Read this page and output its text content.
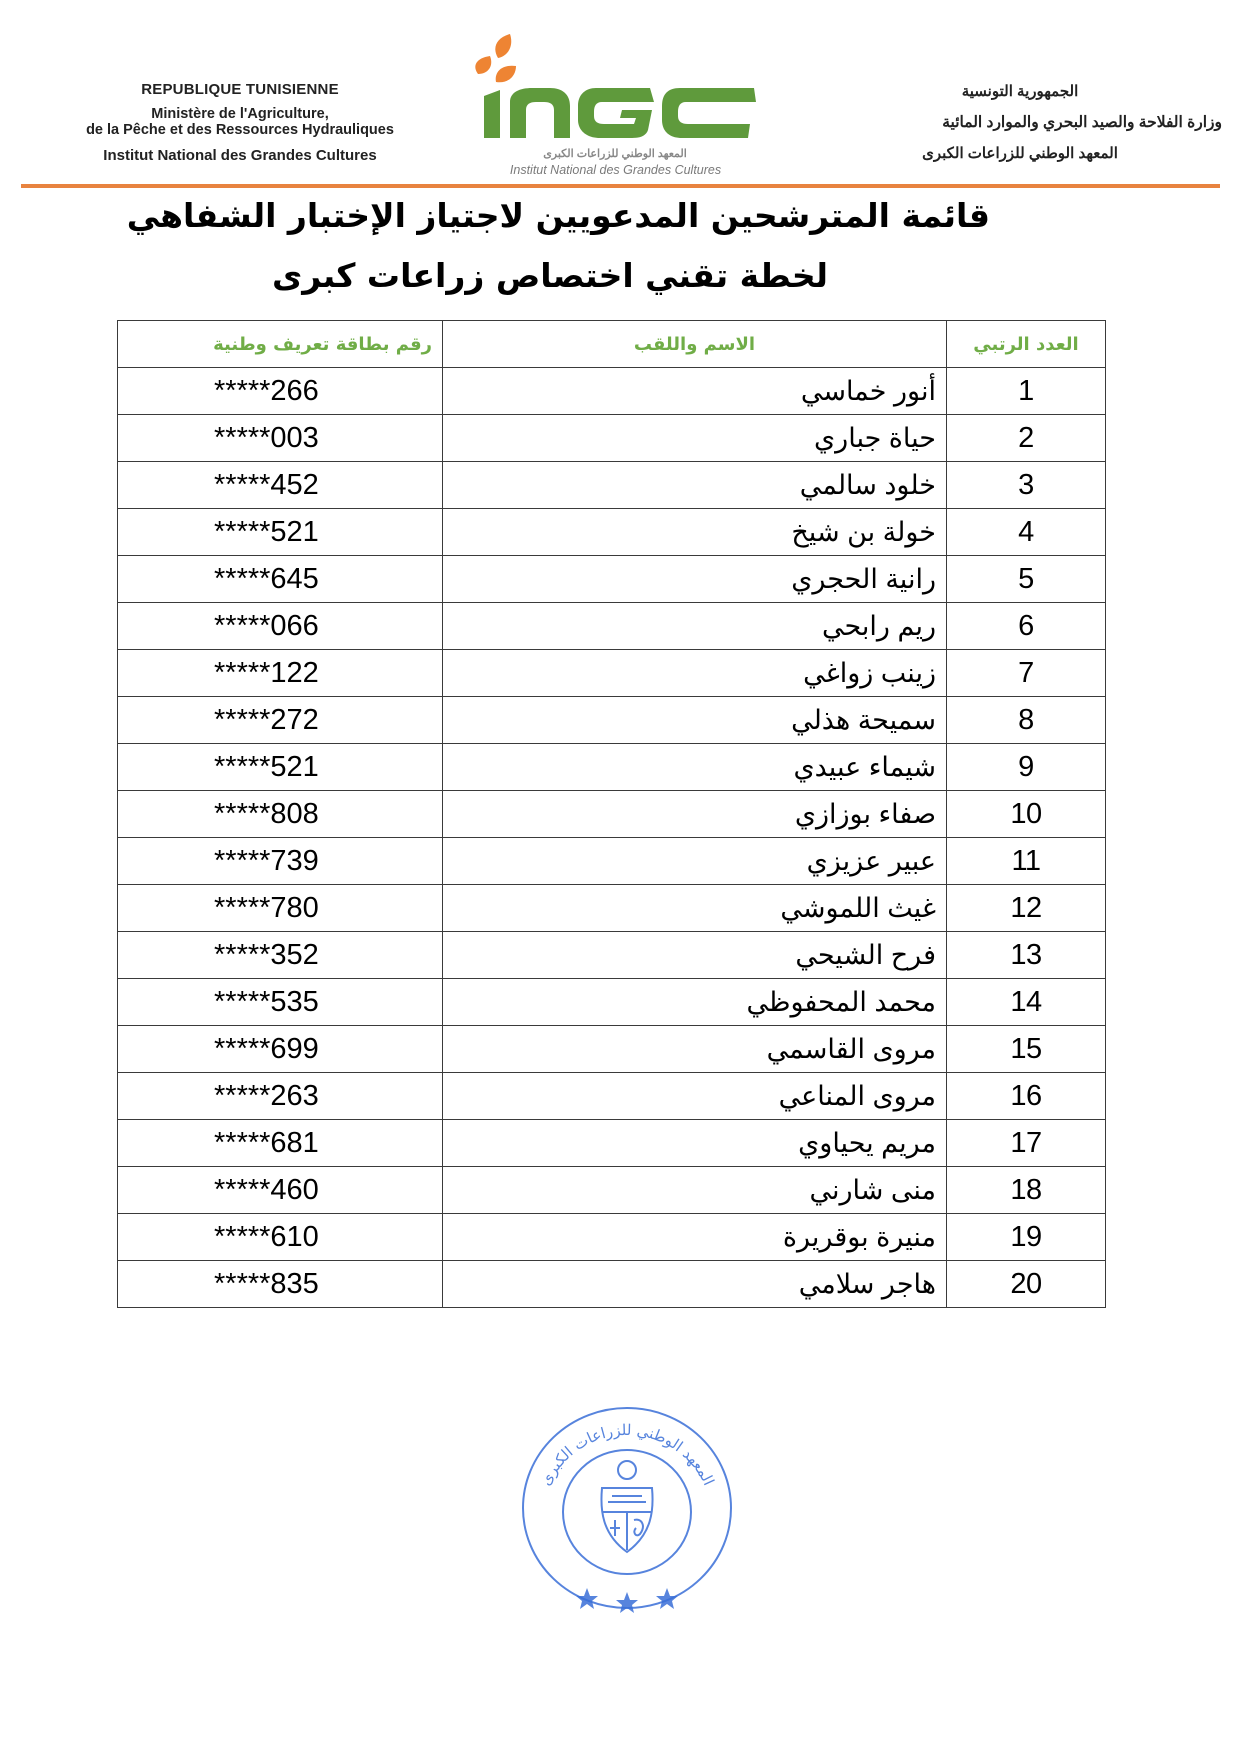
REPUBLIQUE TUNISIENNE
Ministère de l'Agriculture,
de la Pêche et des Ressources Hydrauliques
Institut National des Grandes Cultures	المعهد الوطني للزراعات الكبرى
Institut National des Grandes Cultures
الجمهورية التونسية
وزارة الفلاحة والصيد البحري والموارد المائية
المعهد الوطني للزراعات الكبرى
قائمة المترشحين المدعويين لاجتياز الإختبار الشفاهي
لخطة تقني اختصاص زراعات كبرى
العدد الرتبي	الاسم واللقب	رقم بطاقة تعريف وطنية
1	أنور خماسي	*****266
2	حياة جباري	*****003
3	خلود سالمي	*****452
4	خولة بن شيخ	*****521
5	رانية الحجري	*****645
6	ريم رابحي	*****066
7	زينب زواغي	*****122
8	سميحة هذلي	*****272
9	شيماء عبيدي	*****521
10	صفاء بوزازي	*****808
11	عبير عزيزي	*****739
12	غيث اللموشي	*****780
13	فرح الشيحي	*****352
14	محمد المحفوظي	*****535
15	مروى القاسمي	*****699
16	مروى المناعي	*****263
17	مريم يحياوي	*****681
18	منى شارني	*****460
19	منيرة بوقريرة	*****610
20	هاجر سلامي	*****835
المعهد الوطني للزراعات الكبرى
